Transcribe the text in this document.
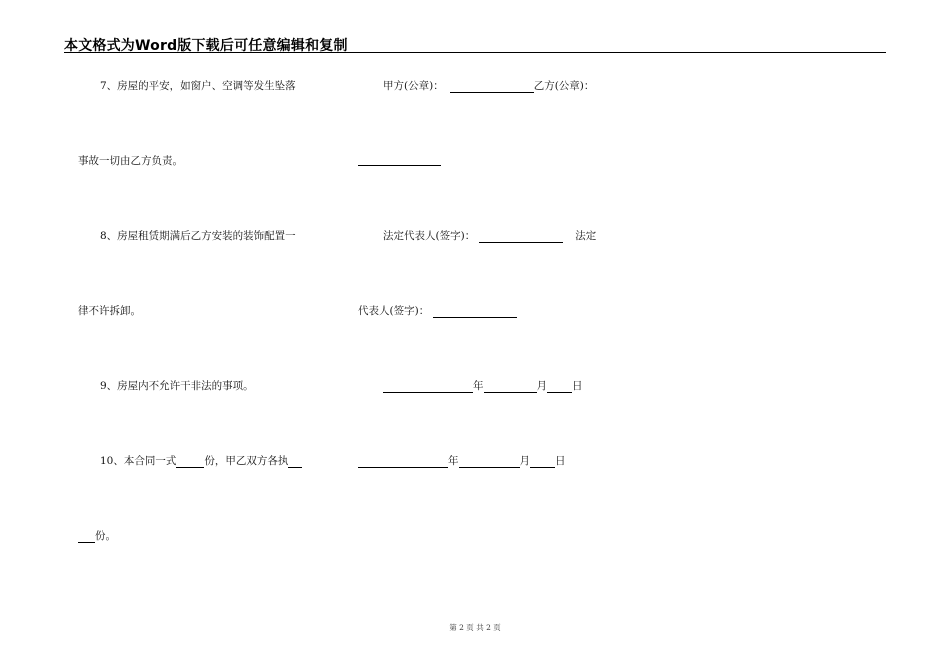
本文格式为Word版下载后可任意编辑和复制
7、房屋的平安，如窗户、空调等发生坠落
事故一切由乙方负责。
8、房屋租赁期满后乙方安装的装饰配置一
律不许拆卸。
9、房屋内不允许干非法的事项。
10、本合同一式	份，甲乙双方各执
份。
甲方(公章)：	乙方(公章)：
法定代表人(签字)：	法定
代表人(签字)：
年	月 日
年	月 日
第 2 页 共 2 页
